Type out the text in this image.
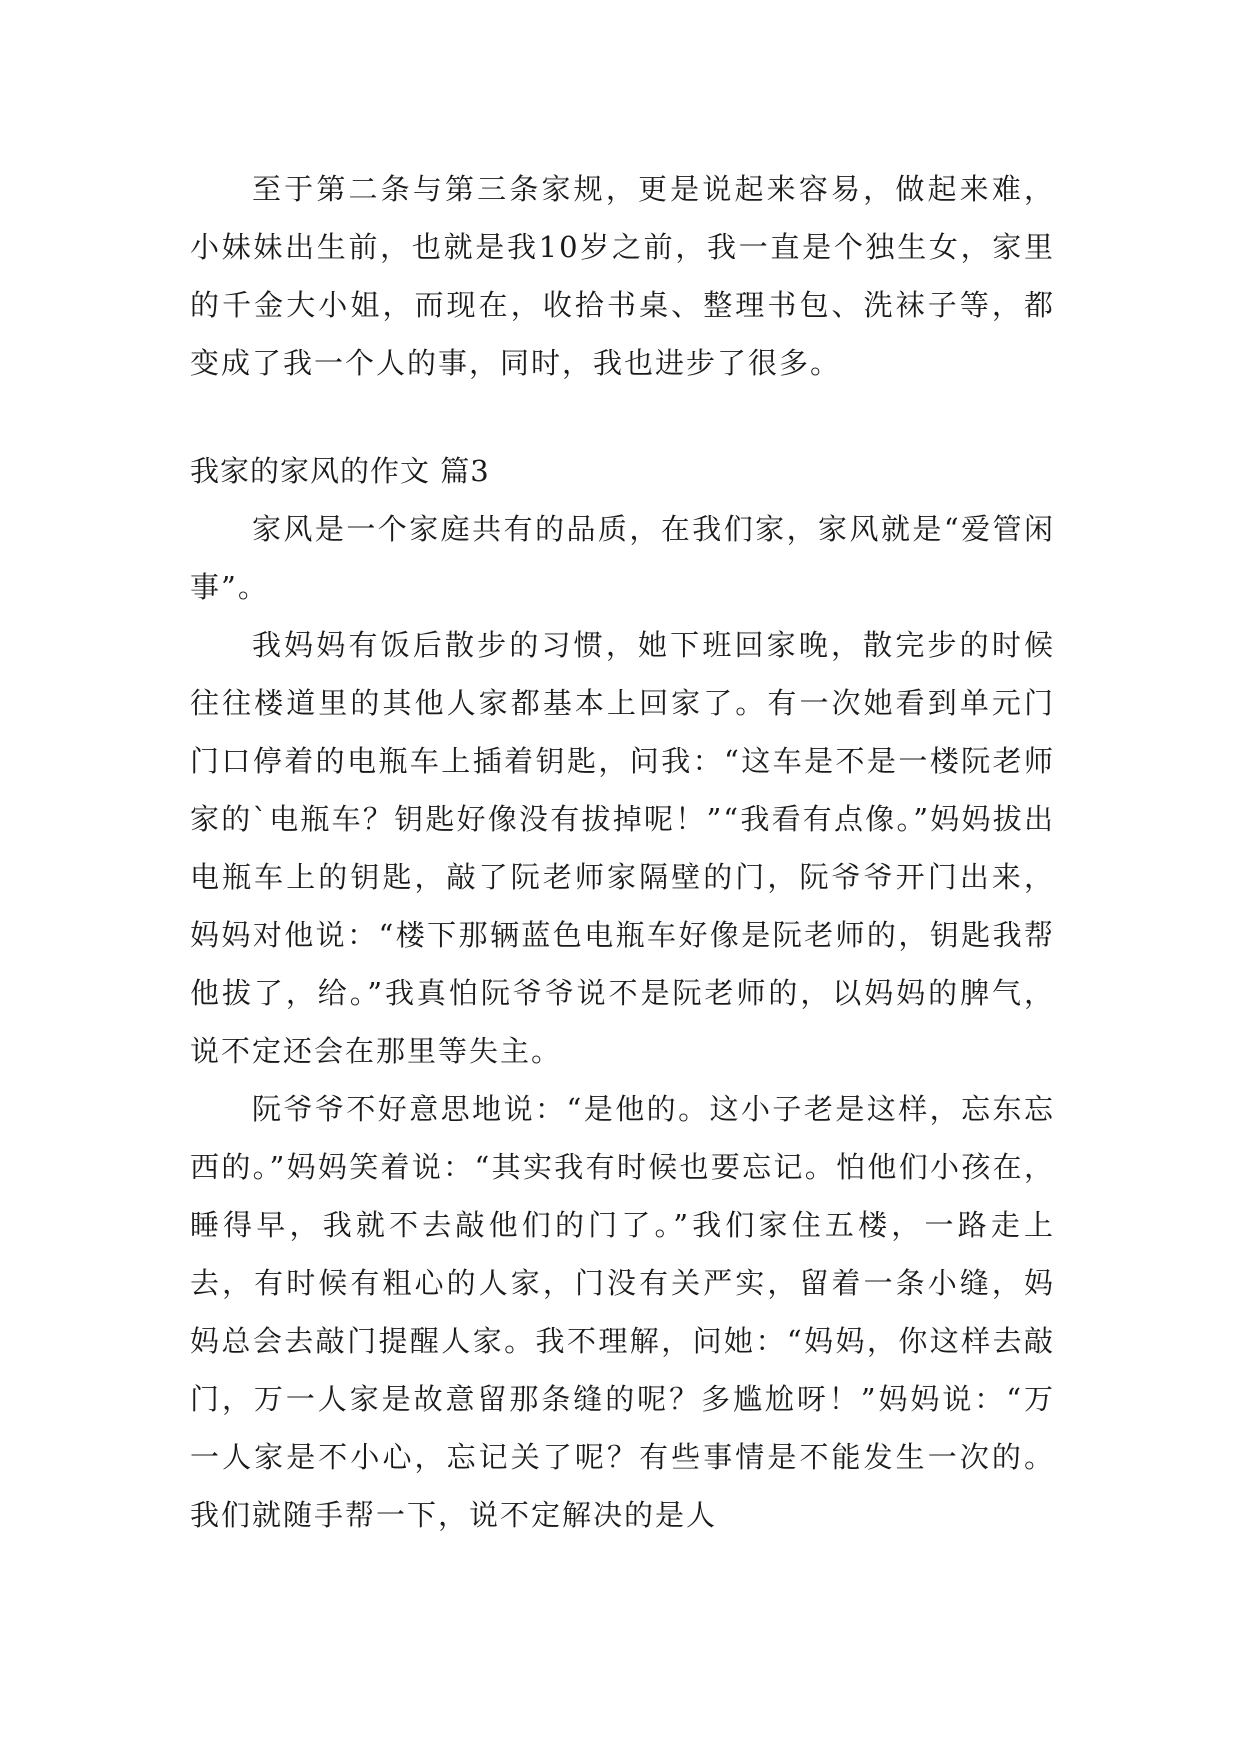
至于第二条与第三条家规，更是说起来容易，做起来难，小妹妹出生前，也就是我10岁之前，我一直是个独生女，家里的千金大小姐，而现在，收拾书桌、整理书包、洗袜子等，都变成了我一个人的事，同时，我也进步了很多。

我家的家风的作文 篇3

家风是一个家庭共有的品质，在我们家，家风就是“爱管闲事”。

我妈妈有饭后散步的习惯，她下班回家晚，散完步的时候往往楼道里的其他人家都基本上回家了。有一次她看到单元门门口停着的电瓶车上插着钥匙，问我：“这车是不是一楼阮老师家的`电瓶车？钥匙好像没有拔掉呢！”“我看有点像。”妈妈拔出电瓶车上的钥匙，敲了阮老师家隔壁的门，阮爷爷开门出来，妈妈对他说：“楼下那辆蓝色电瓶车好像是阮老师的，钥匙我帮他拔了，给。”我真怕阮爷爷说不是阮老师的，以妈妈的脾气，说不定还会在那里等失主。

阮爷爷不好意思地说：“是他的。这小子老是这样，忘东忘西的。”妈妈笑着说：“其实我有时候也要忘记。怕他们小孩在，睡得早，我就不去敲他们的门了。”我们家住五楼，一路走上去，有时候有粗心的人家，门没有关严实，留着一条小缝，妈妈总会去敲门提醒人家。我不理解，问她：“妈妈，你这样去敲门，万一人家是故意留那条缝的呢？多尴尬呀！”妈妈说：“万一人家是不小心，忘记关了呢？有些事情是不能发生一次的。我们就随手帮一下，说不定解决的是人
